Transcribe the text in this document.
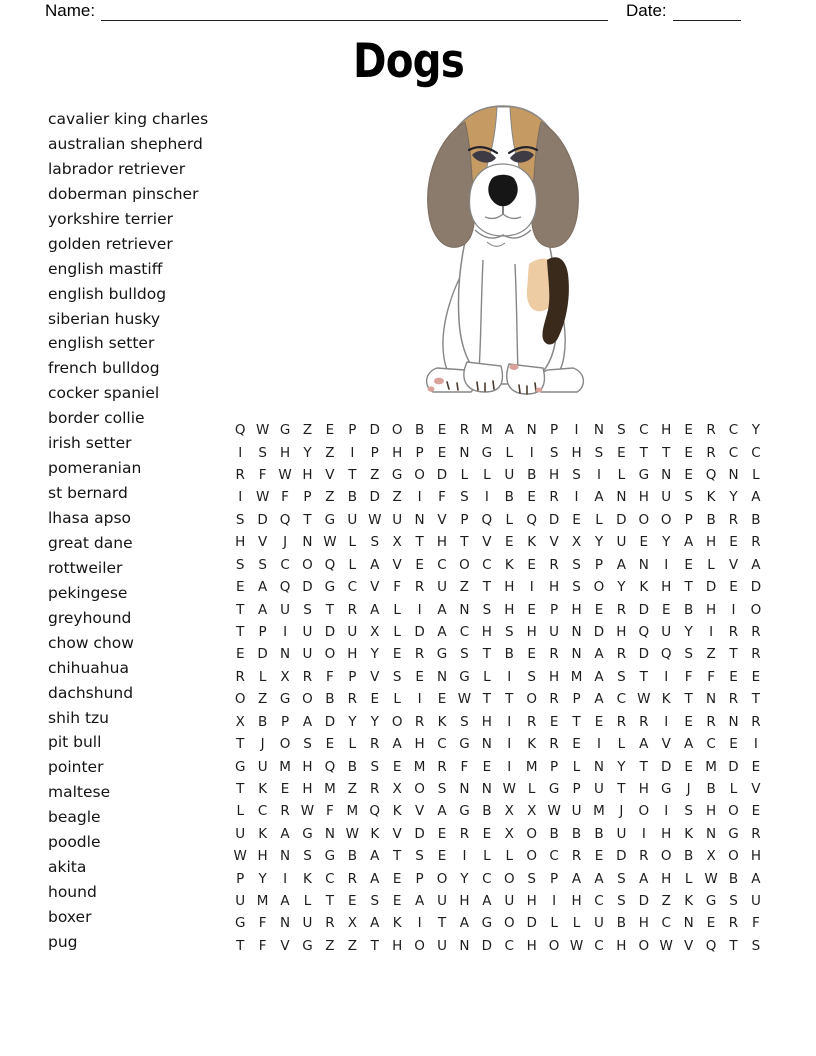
Name:	Date:
Dogs
cavalier king charles
australian shepherd
labrador retriever
doberman pinscher
yorkshire terrier
golden retriever
english mastiff
english bulldog
siberian husky
english setter
french bulldog
cocker spaniel
border collie
irish setter
pomeranian
st bernard
lhasa apso
great dane
rottweiler
pekingese
greyhound
chow chow
chihuahua
dachshund
shih tzu
pit bull
pointer
maltese
beagle
poodle
akita
hound
boxer
pug
Q W G Z	E	P D O B	E R M A N P	I	N S C H E R C	Y
I	S H Y	Z	I	P H P	E N G L	I	S H S	E	T	T	E R C C
R	F W H V	T	Z G O D L	L	U B H S	I	L G N E Q N	L
I	W F	P	Z B D Z	I	F	S	I	B	E R	I	A N H U S	K	Y	A
S D Q T G U W U N V	P Q L Q D E	L D O O P	B R B
H V	J	N W L	S	X	T H T	V	E	K V X	Y U E	Y	A H E R
S	S C O Q L	A V	E C O C K	E R S	P	A N	I	E	L	V A
E	A Q D G C V	F	R U Z	T H	I	H S O Y	K H T D E D
T	A U S	T	R A	L	I	A N S H E	P H E R D E	B H	I	O
T	P	I	U D U X	L D A C H S H U N D H Q U Y	I	R R
E D N U O H Y	E R G S	T	B	E R N A R D Q S	Z	T	R
R	L	X R	F	P	V	S	E N G L	I	S H M A	S	T	I	F	F	E	E
O Z G O B R E	L	I	E W T	T O R	P	A C W K	T N R	T
X B	P	A D Y	Y O R K	S H	I	R E	T	E R R	I	E R N R
T	J	O S	E	L	R A H C G N	I	K R E	I	L	A V A C E	I
G U M H Q B	S	E M R	F	E	I	M P	L	N Y	T D E M D E
T	K	E H M Z R X O S N N W L G P U T H G	J	B	L	V
L	C R W F M Q K V A G B X X W U M	J	O	I	S H O E
U K A G N W K V D E R E	X O B B B U	I	H K N G R
W H N S G B A	T	S	E	I	L	L O C R E D R O B X O H
P	Y	I	K C R A	E	P O Y	C O S	P	A A	S	A H	L W B A
U M A	L	T	E	S	E	A U H A U H	I	H C S D Z K G S U
G F N U R X A K	I	T	A G O D L	L	U B H C N E R	F
T	F	V G Z Z	T H O U N D C H O W C H O W V Q T	S
